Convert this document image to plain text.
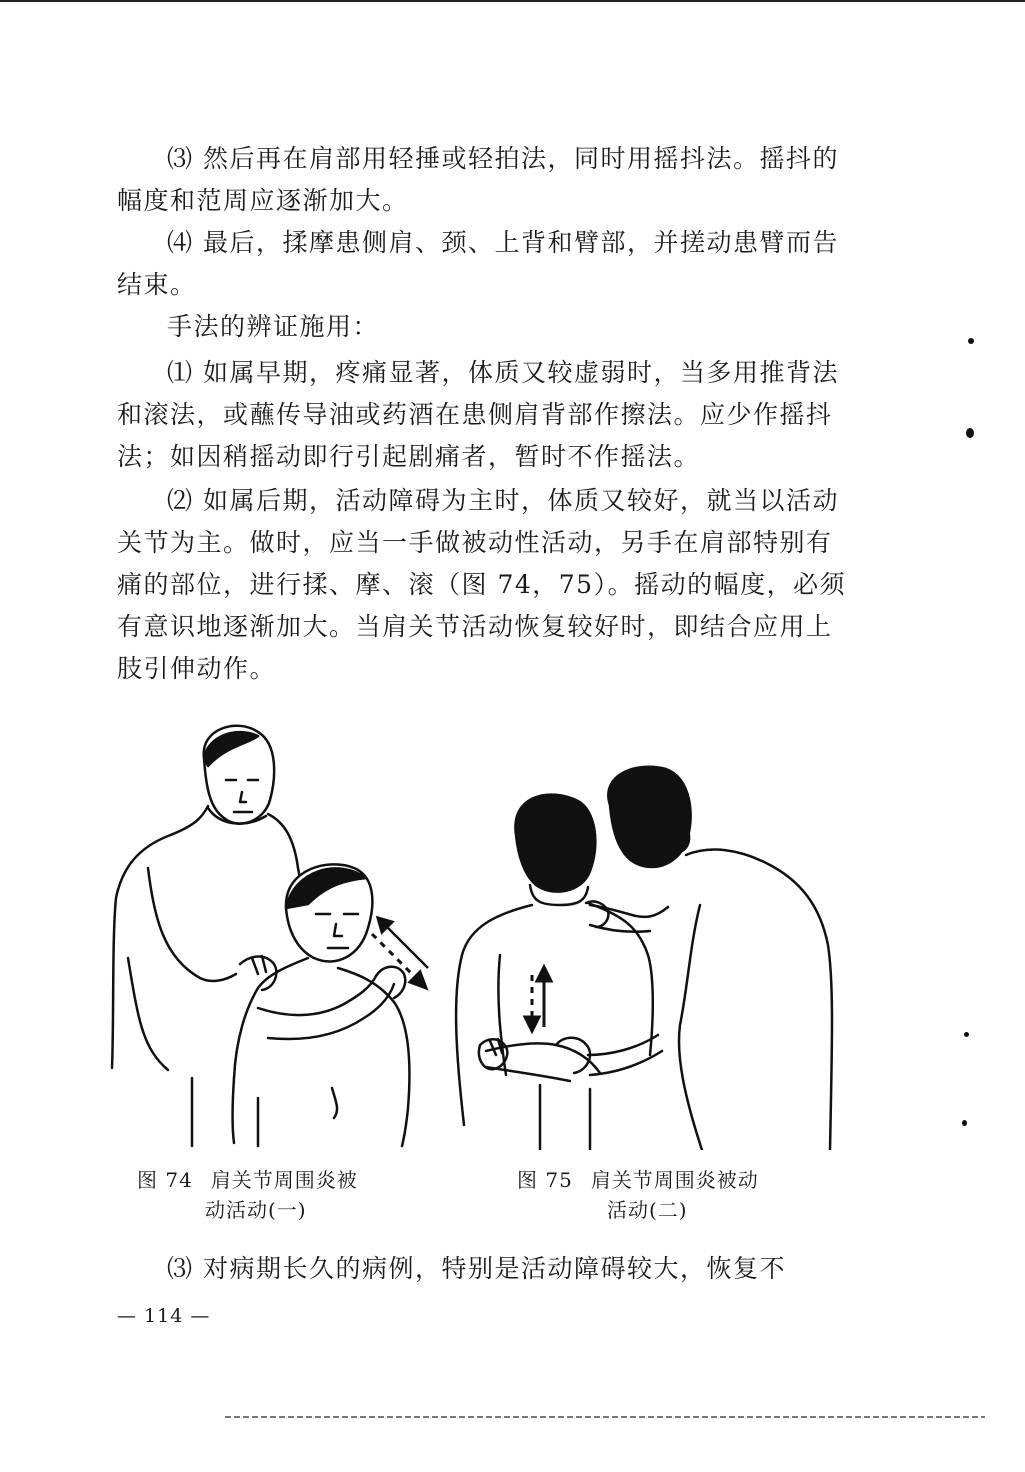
⑶ 然后再在肩部用轻捶或轻拍法，同时用摇抖法。摇抖的幅度和范周应逐渐加大。

⑷ 最后，揉摩患侧肩、颈、上背和臂部，并搓动患臂而告结束。

手法的辨证施用：

⑴ 如属早期，疼痛显著，体质又较虚弱时，当多用推背法和滚法，或蘸传导油或药酒在患侧肩背部作擦法。应少作摇抖法；如因稍摇动即行引起剧痛者，暂时不作摇法。

⑵ 如属后期，活动障碍为主时，体质又较好，就当以活动关节为主。做时，应当一手做被动性活动，另手在肩部特别有痛的部位，进行揉、摩、滚（图 74，75）。摇动的幅度，必须有意识地逐渐加大。当肩关节活动恢复较好时，即结合应用上肢引伸动作。

图 74 肩关节周围炎被
动活动(一)
图 75 肩关节周围炎被动
活动(二)

⑶ 对病期长久的病例，特别是活动障碍较大，恢复不

— 114 —
